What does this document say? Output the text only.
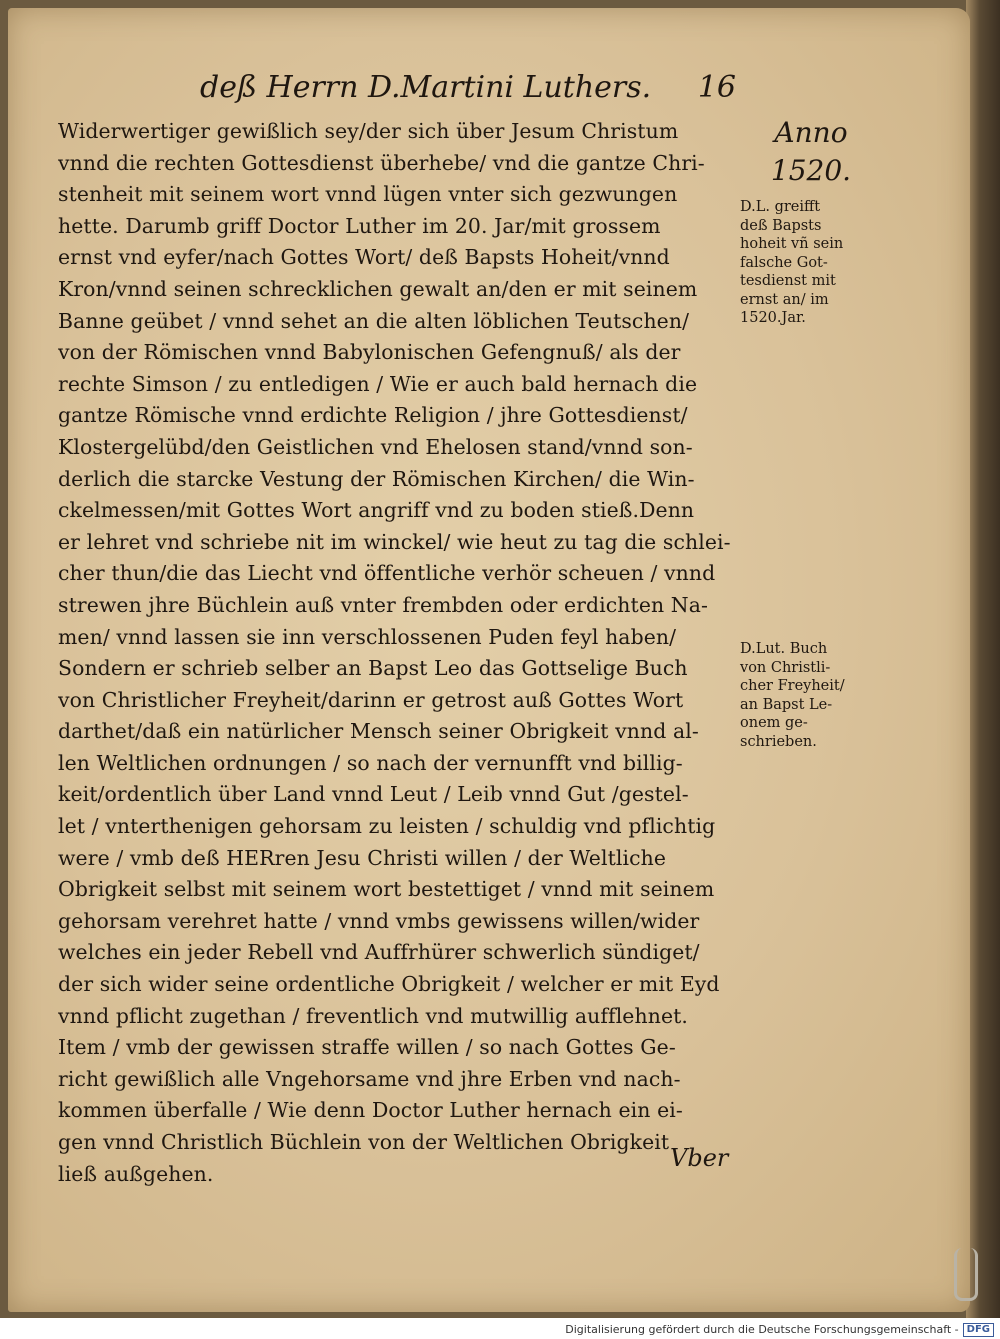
deß Herrn D.Martini Luthers. 16
Anno
1520.
D.L. greifft
deß Bapsts
hoheit vñ sein
falsche Got-
tesdienst mit
ernst an/ im
1520.Jar.
D.Lut. Buch
von Christli-
cher Freyheit/
an Bapst Le-
onem ge-
schrieben.
Widerwertiger gewißlich sey/der sich über Jesum Christum
vnnd die rechten Gottesdienst überhebe/ vnd die gantze Chri-
stenheit mit seinem wort vnnd lügen vnter sich gezwungen
hette. Darumb griff Doctor Luther im 20. Jar/mit grossem
ernst vnd eyfer/nach Gottes Wort/ deß Bapsts Hoheit/vnnd
Kron/vnnd seinen schrecklichen gewalt an/den er mit seinem
Banne geübet / vnnd sehet an die alten löblichen Teutschen/
von der Römischen vnnd Babylonischen Gefengnuß/ als der
rechte Simson / zu entledigen / Wie er auch bald hernach die
gantze Römische vnnd erdichte Religion / jhre Gottesdienst/
Klostergelübd/den Geistlichen vnd Ehelosen stand/vnnd son-
derlich die starcke Vestung der Römischen Kirchen/ die Win-
ckelmessen/mit Gottes Wort angriff vnd zu boden stieß.Denn
er lehret vnd schriebe nit im winckel/ wie heut zu tag die schlei-
cher thun/die das Liecht vnd öffentliche verhör scheuen / vnnd
strewen jhre Büchlein auß vnter frembden oder erdichten Na-
men/ vnnd lassen sie inn verschlossenen Puden feyl haben/
Sondern er schrieb selber an Bapst Leo das Gottselige Buch
von Christlicher Freyheit/darinn er getrost auß Gottes Wort
darthet/daß ein natürlicher Mensch seiner Obrigkeit vnnd al-
len Weltlichen ordnungen / so nach der vernunfft vnd billig-
keit/ordentlich über Land vnnd Leut / Leib vnnd Gut /gestel-
let / vnterthenigen gehorsam zu leisten / schuldig vnd pflichtig
were / vmb deß HERren Jesu Christi willen / der Weltliche
Obrigkeit selbst mit seinem wort bestettiget / vnnd mit seinem
gehorsam verehret hatte / vnnd vmbs gewissens willen/wider
welches ein jeder Rebell vnd Auffrhürer schwerlich sündiget/
der sich wider seine ordentliche Obrigkeit / welcher er mit Eyd
vnnd pflicht zugethan / freventlich vnd mutwillig aufflehnet.
Item / vmb der gewissen straffe willen / so nach Gottes Ge-
richt gewißlich alle Vngehorsame vnd jhre Erben vnd nach-
kommen überfalle / Wie denn Doctor Luther hernach ein ei-
gen vnnd Christlich Büchlein von der Weltlichen Obrigkeit
ließ außgehen.
Vber
Digitalisierung gefördert durch die Deutsche Forschungsgemeinschaft - DFG
